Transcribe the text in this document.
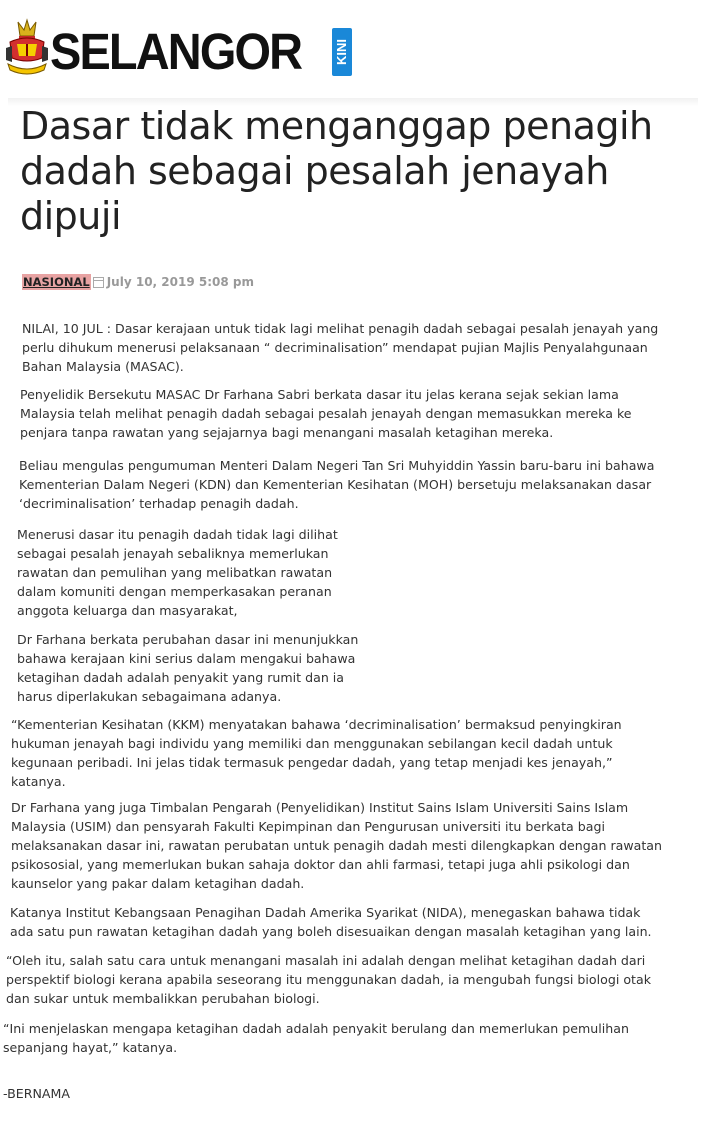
SELANGOR	KINI
Dasar tidak menganggap penagih dadah sebagai pesalah jenayah dipuji
NASIONAL July 10, 2019 5:08 pm

NILAI, 10 JUL : Dasar kerajaan untuk tidak lagi melihat penagih dadah sebagai pesalah jenayah yang
perlu dihukum menerusi pelaksanaan “ decriminalisation” mendapat pujian Majlis Penyalahgunaan
Bahan Malaysia (MASAC).

Penyelidik Bersekutu MASAC Dr Farhana Sabri berkata dasar itu jelas kerana sejak sekian lama
Malaysia telah melihat penagih dadah sebagai pesalah jenayah dengan memasukkan mereka ke
penjara tanpa rawatan yang sejajarnya bagi menangani masalah ketagihan mereka.

Beliau mengulas pengumuman Menteri Dalam Negeri Tan Sri Muhyiddin Yassin baru-baru ini bahawa
Kementerian Dalam Negeri (KDN) dan Kementerian Kesihatan (MOH) bersetuju melaksanakan dasar
‘decriminalisation’ terhadap penagih dadah.

Menerusi dasar itu penagih dadah tidak lagi dilihat
sebagai pesalah jenayah sebaliknya memerlukan
rawatan dan pemulihan yang melibatkan rawatan
dalam komuniti dengan memperkasakan peranan
anggota keluarga dan masyarakat,

Dr Farhana berkata perubahan dasar ini menunjukkan
bahawa kerajaan kini serius dalam mengakui bahawa
ketagihan dadah adalah penyakit yang rumit dan ia
harus diperlakukan sebagaimana adanya.

“Kementerian Kesihatan (KKM) menyatakan bahawa ‘decriminalisation’ bermaksud penyingkiran
hukuman jenayah bagi individu yang memiliki dan menggunakan sebilangan kecil dadah untuk
kegunaan peribadi. Ini jelas tidak termasuk pengedar dadah, yang tetap menjadi kes jenayah,”
katanya.

Dr Farhana yang juga Timbalan Pengarah (Penyelidikan) Institut Sains Islam Universiti Sains Islam
Malaysia (USIM) dan pensyarah Fakulti Kepimpinan dan Pengurusan universiti itu berkata bagi
melaksanakan dasar ini, rawatan perubatan untuk penagih dadah mesti dilengkapkan dengan rawatan
psikososial, yang memerlukan bukan sahaja doktor dan ahli farmasi, tetapi juga ahli psikologi dan
kaunselor yang pakar dalam ketagihan dadah.

Katanya Institut Kebangsaan Penagihan Dadah Amerika Syarikat (NIDA), menegaskan bahawa tidak
ada satu pun rawatan ketagihan dadah yang boleh disesuaikan dengan masalah ketagihan yang lain.

“Oleh itu, salah satu cara untuk menangani masalah ini adalah dengan melihat ketagihan dadah dari
perspektif biologi kerana apabila seseorang itu menggunakan dadah, ia mengubah fungsi biologi otak
dan sukar untuk membalikkan perubahan biologi.

“Ini menjelaskan mengapa ketagihan dadah adalah penyakit berulang dan memerlukan pemulihan
sepanjang hayat,” katanya.

-BERNAMA
